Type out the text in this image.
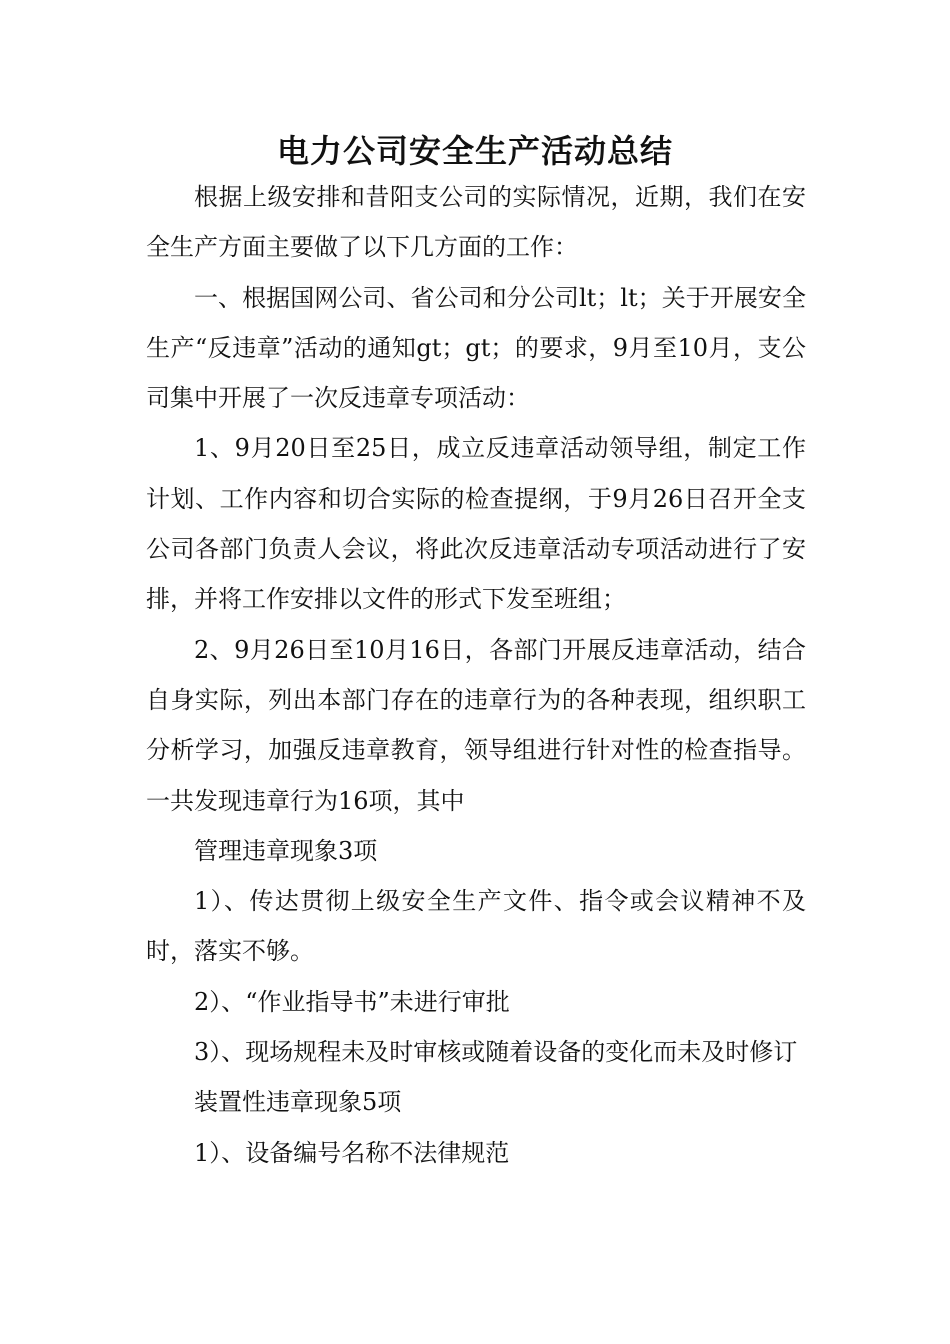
电力公司安全生产活动总结

根据上级安排和昔阳支公司的实际情况，近期，我们在安全生产方面主要做了以下几方面的工作：

一、根据国网公司、省公司和分公司lt；lt；关于开展安全生产“反违章”活动的通知gt；gt；的要求，9月至10月，支公司集中开展了一次反违章专项活动：

1、9月20日至25日，成立反违章活动领导组，制定工作计划、工作内容和切合实际的检查提纲，于9月26日召开全支公司各部门负责人会议，将此次反违章活动专项活动进行了安排，并将工作安排以文件的形式下发至班组；

2、9月26日至10月16日，各部门开展反违章活动，结合自身实际，列出本部门存在的违章行为的各种表现，组织职工分析学习，加强反违章教育，领导组进行针对性的检查指导。一共发现违章行为16项，其中

管理违章现象3项

1）、传达贯彻上级安全生产文件、指令或会议精神不及时，落实不够。

2）、“作业指导书”未进行审批

3）、现场规程未及时审核或随着设备的变化而未及时修订

装置性违章现象5项

1）、设备编号名称不法律规范
